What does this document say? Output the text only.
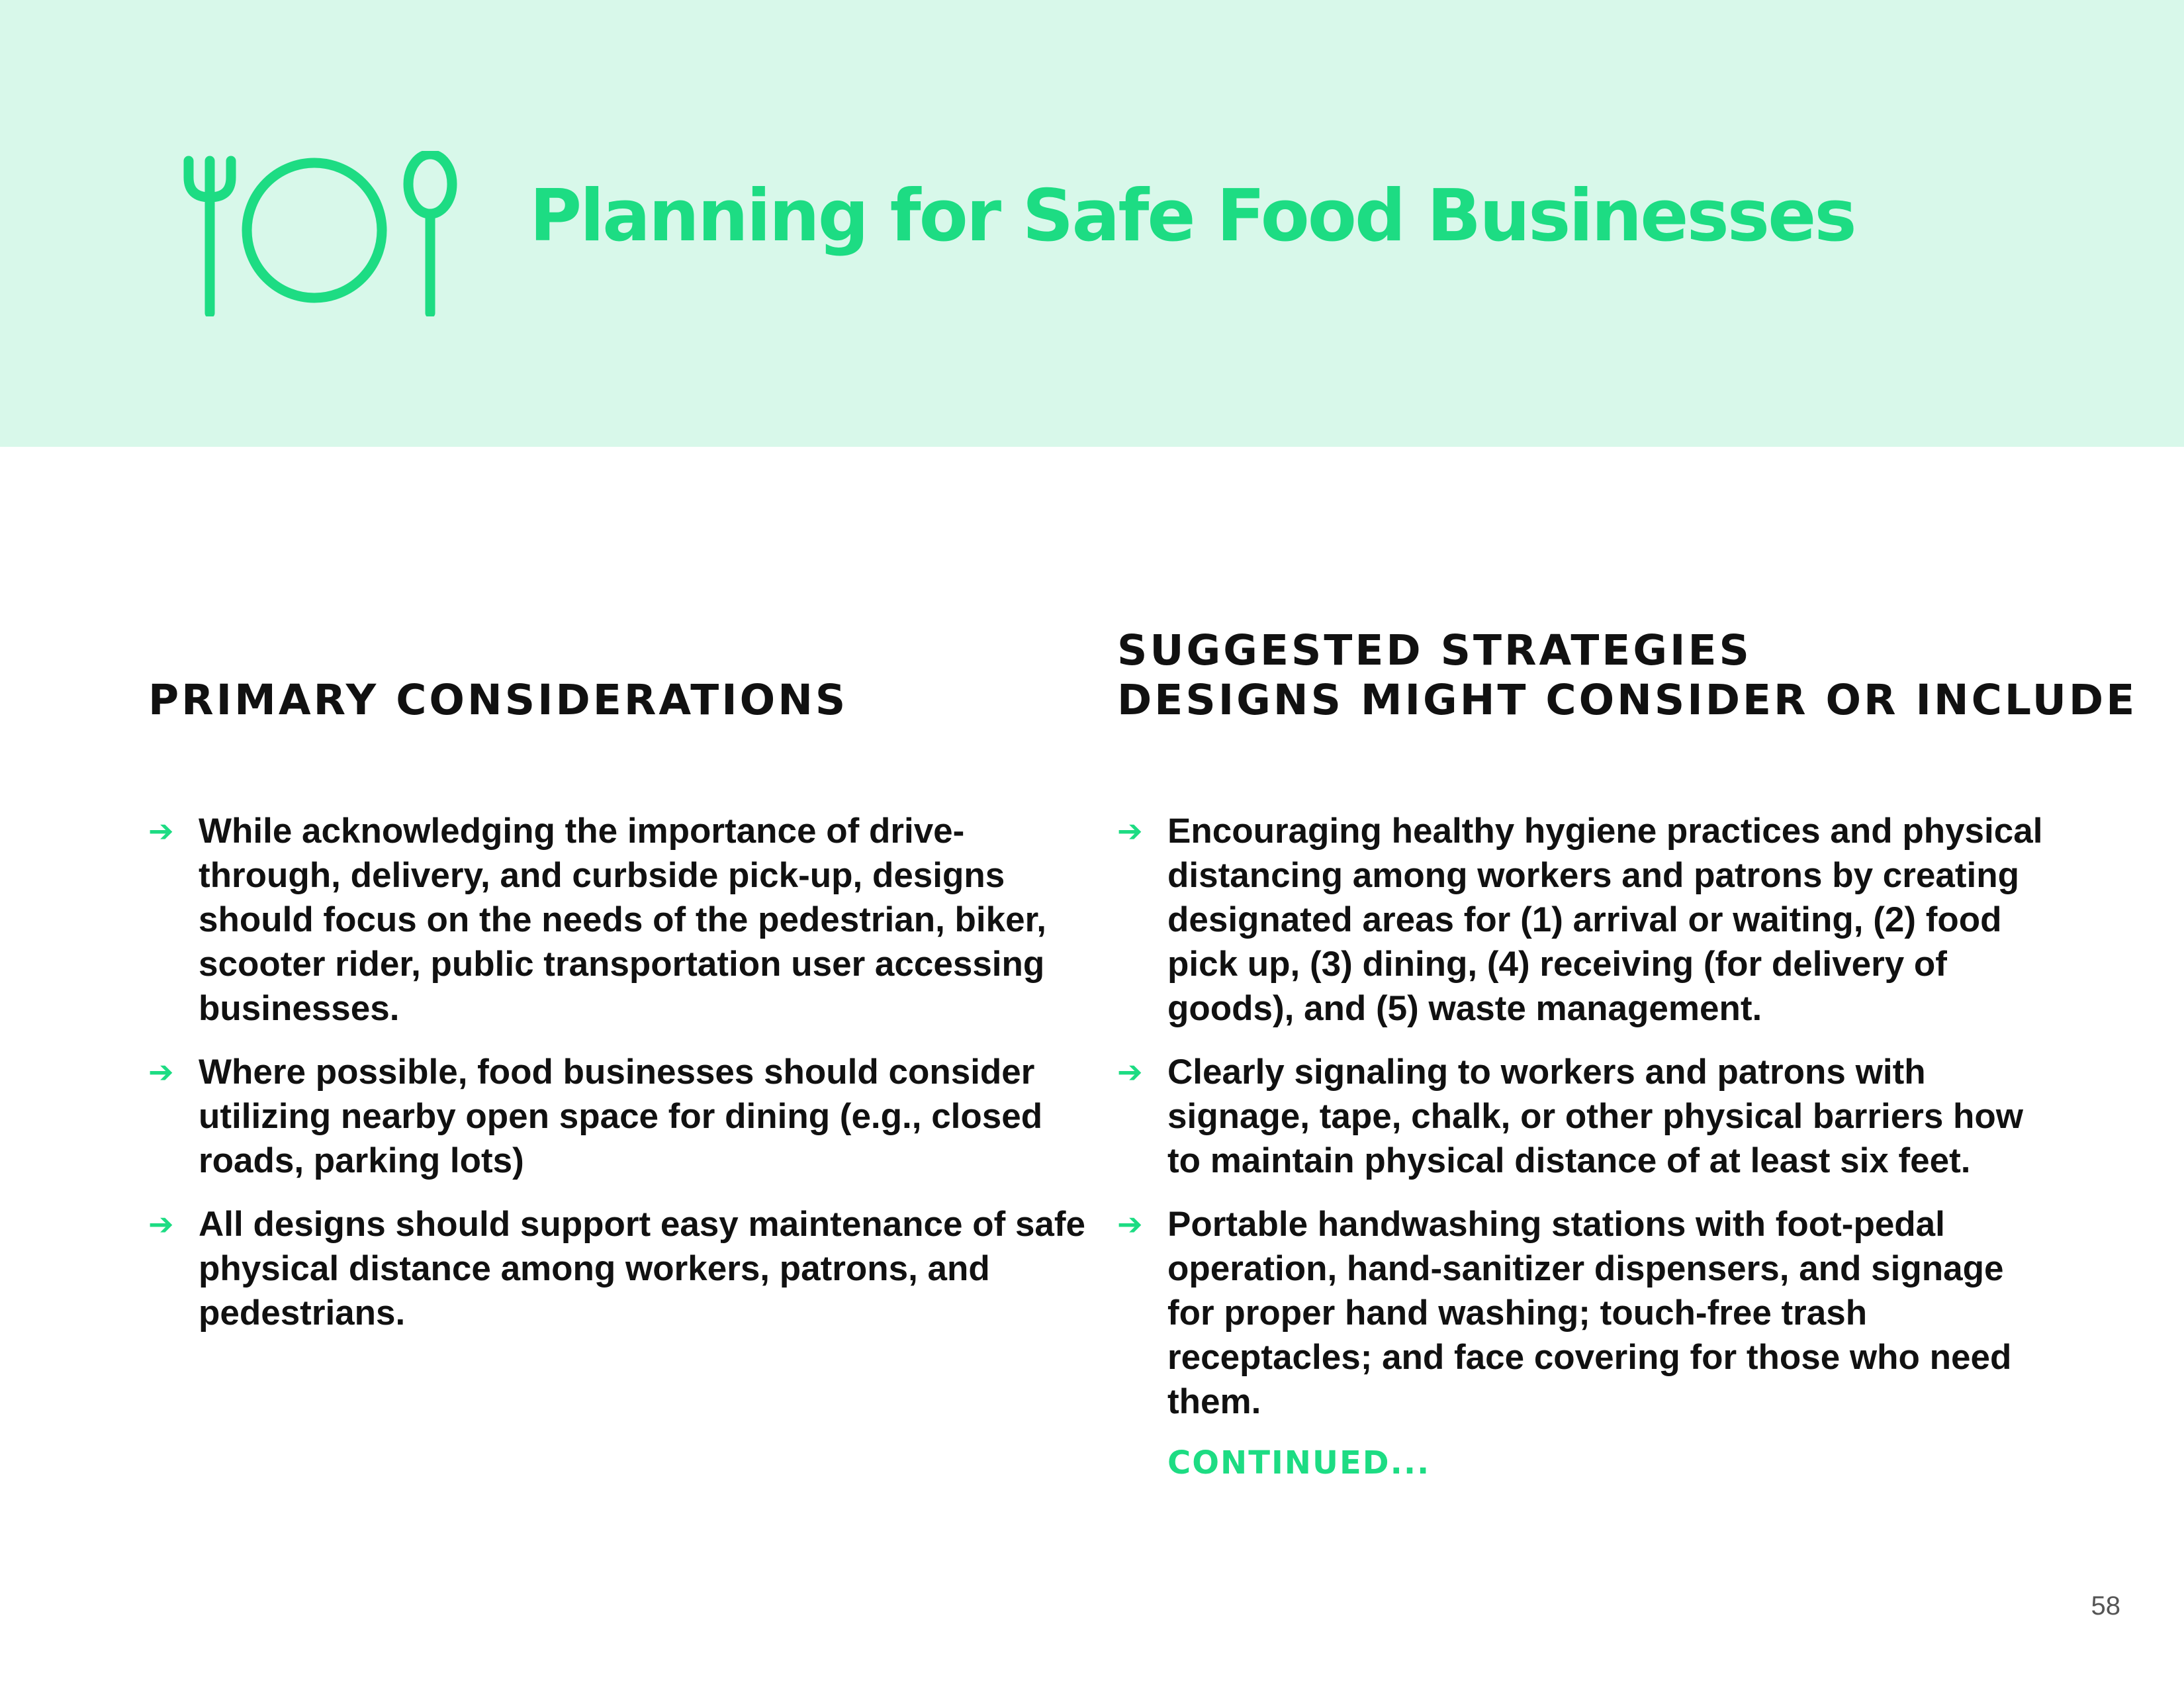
Planning for Safe Food Businesses
PRIMARY CONSIDERATIONS
➔ While acknowledging the importance of drive-through, delivery, and curbside pick-up, designs should focus on the needs of the pedestrian, biker, scooter rider, public transportation user accessing businesses.
➔ Where possible, food businesses should consider utilizing nearby open space for dining (e.g., closed roads, parking lots)
➔ All designs should support easy maintenance of safe physical distance among workers, patrons, and pedestrians.
SUGGESTED STRATEGIES
DESIGNS MIGHT CONSIDER OR INCLUDE
➔ Encouraging healthy hygiene practices and physical distancing among workers and patrons by creating designated areas for (1) arrival or waiting, (2) food pick up, (3) dining, (4) receiving (for delivery of goods), and (5) waste management.
➔ Clearly signaling to workers and patrons with signage, tape, chalk, or other physical barriers how to maintain physical distance of at least six feet.
➔ Portable handwashing stations with foot-pedal operation, hand-sanitizer dispensers, and signage for proper hand washing; touch-free trash receptacles; and face covering for those who need them.
CONTINUED...
58
